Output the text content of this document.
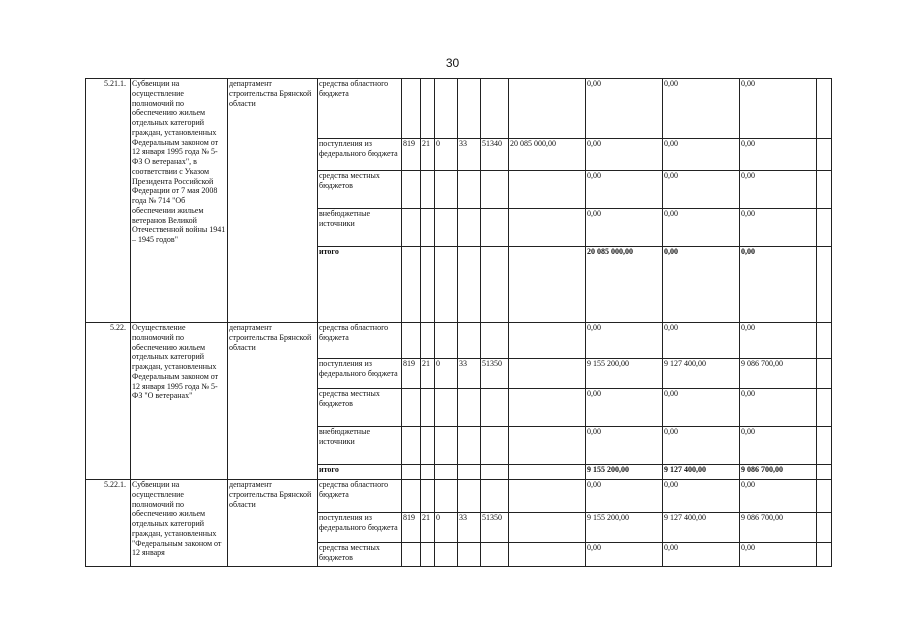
30
5.21.1.	Субвенции на осуществление полномочий по обеспечению жильем отдельных категорий граждан, установленных Федеральным законом от 12 января 1995 года № 5-ФЗ О ветеранах", в соответствии с Указом Президента Российской Федерации от 7 мая 2008 года № 714 "Об обеспечении жильем ветеранов Великой Отечественной войны 1941 – 1945 годов"	департамент строительства Брянской области	средства областного бюджета							0,00	0,00	0,00	
			поступления из федерального бюджета	819	21	0	33	51340	20 085 000,00	0,00	0,00	0,00	
			средства местных бюджетов							0,00	0,00	0,00	
			внебюджетные источники							0,00	0,00	0,00	
			итого							20 085 000,00	0,00	0,00	
5.22.	Осуществление полномочий по обеспечению жильем отдельных категорий граждан, установленных Федеральным законом от 12 января 1995 года № 5-ФЗ "О ветеранах"	департамент строительства Брянской области	средства областного бюджета							0,00	0,00	0,00	
			поступления из федерального бюджета	819	21	0	33	51350		9 155 200,00	9 127 400,00	9 086 700,00	
			средства местных бюджетов							0,00	0,00	0,00	
			внебюджетные источники							0,00	0,00	0,00	
			итого							9 155 200,00	9 127 400,00	9 086 700,00	
5.22.1.	Субвенции на осуществление полномочий по обеспечению жильем отдельных категорий граждан, установленных "Федеральным законом от 12 января	департамент строительства Брянской области	средства областного бюджета							0,00	0,00	0,00	
			поступления из федерального бюджета	819	21	0	33	51350		9 155 200,00	9 127 400,00	9 086 700,00	
			средства местных бюджетов							0,00	0,00	0,00	
